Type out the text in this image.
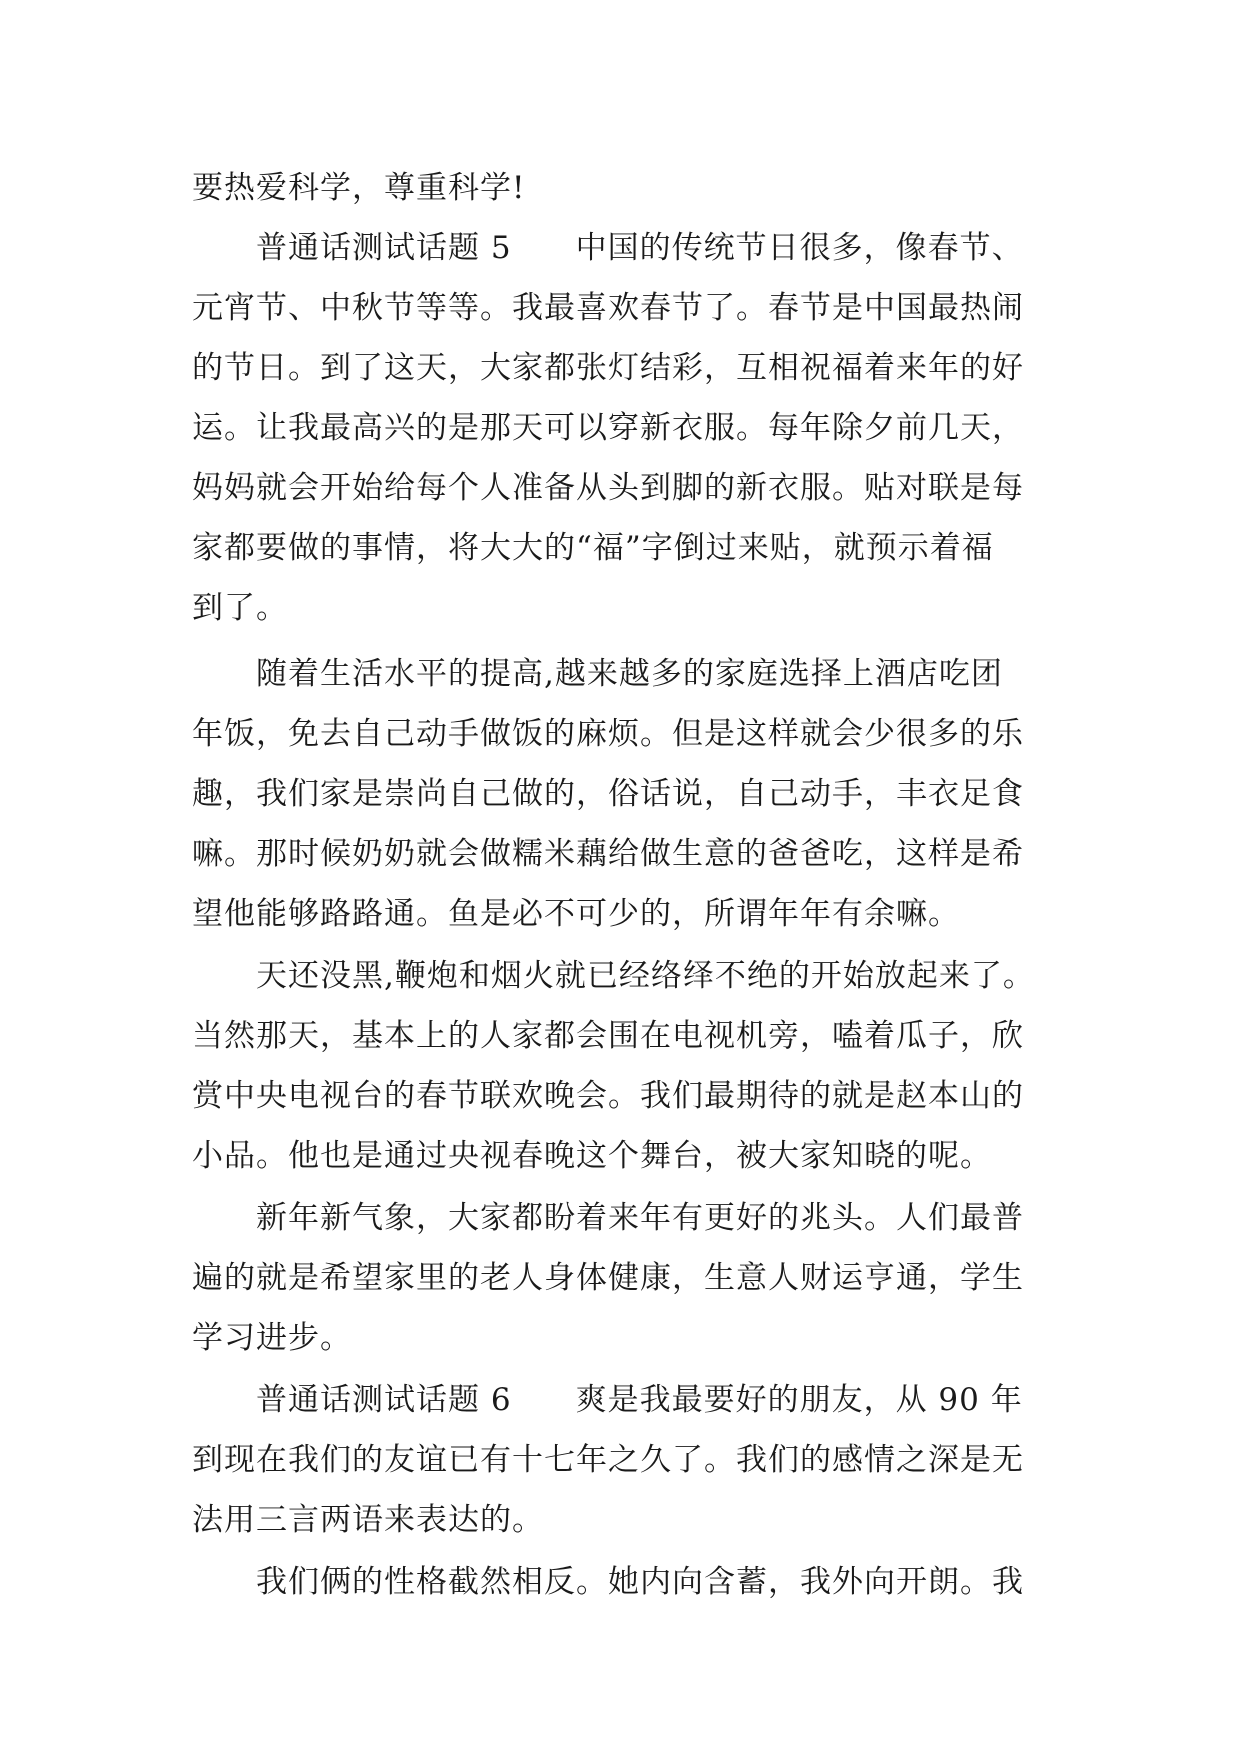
要热爱科学，尊重科学!
普通话测试话题 5　　中国的传统节日很多，像春节、
元宵节、中秋节等等。我最喜欢春节了。春节是中国最热闹
的节日。到了这天，大家都张灯结彩，互相祝福着来年的好
运。让我最高兴的是那天可以穿新衣服。每年除夕前几天，
妈妈就会开始给每个人准备从头到脚的新衣服。贴对联是每
家都要做的事情，将大大的“福”字倒过来贴，就预示着福
到了。
随着生活水平的提高,越来越多的家庭选择上酒店吃团
年饭，免去自己动手做饭的麻烦。但是这样就会少很多的乐
趣，我们家是崇尚自己做的，俗话说，自己动手，丰衣足食
嘛。那时候奶奶就会做糯米藕给做生意的爸爸吃，这样是希
望他能够路路通。鱼是必不可少的，所谓年年有余嘛。
天还没黑,鞭炮和烟火就已经络绎不绝的开始放起来了。
当然那天，基本上的人家都会围在电视机旁，嗑着瓜子，欣
赏中央电视台的春节联欢晚会。我们最期待的就是赵本山的
小品。他也是通过央视春晚这个舞台，被大家知晓的呢。
新年新气象，大家都盼着来年有更好的兆头。人们最普
遍的就是希望家里的老人身体健康，生意人财运亨通，学生
学习进步。
普通话测试话题 6　　爽是我最要好的朋友，从 90 年
到现在我们的友谊已有十七年之久了。我们的感情之深是无
法用三言两语来表达的。
我们俩的性格截然相反。她内向含蓄，我外向开朗。我
